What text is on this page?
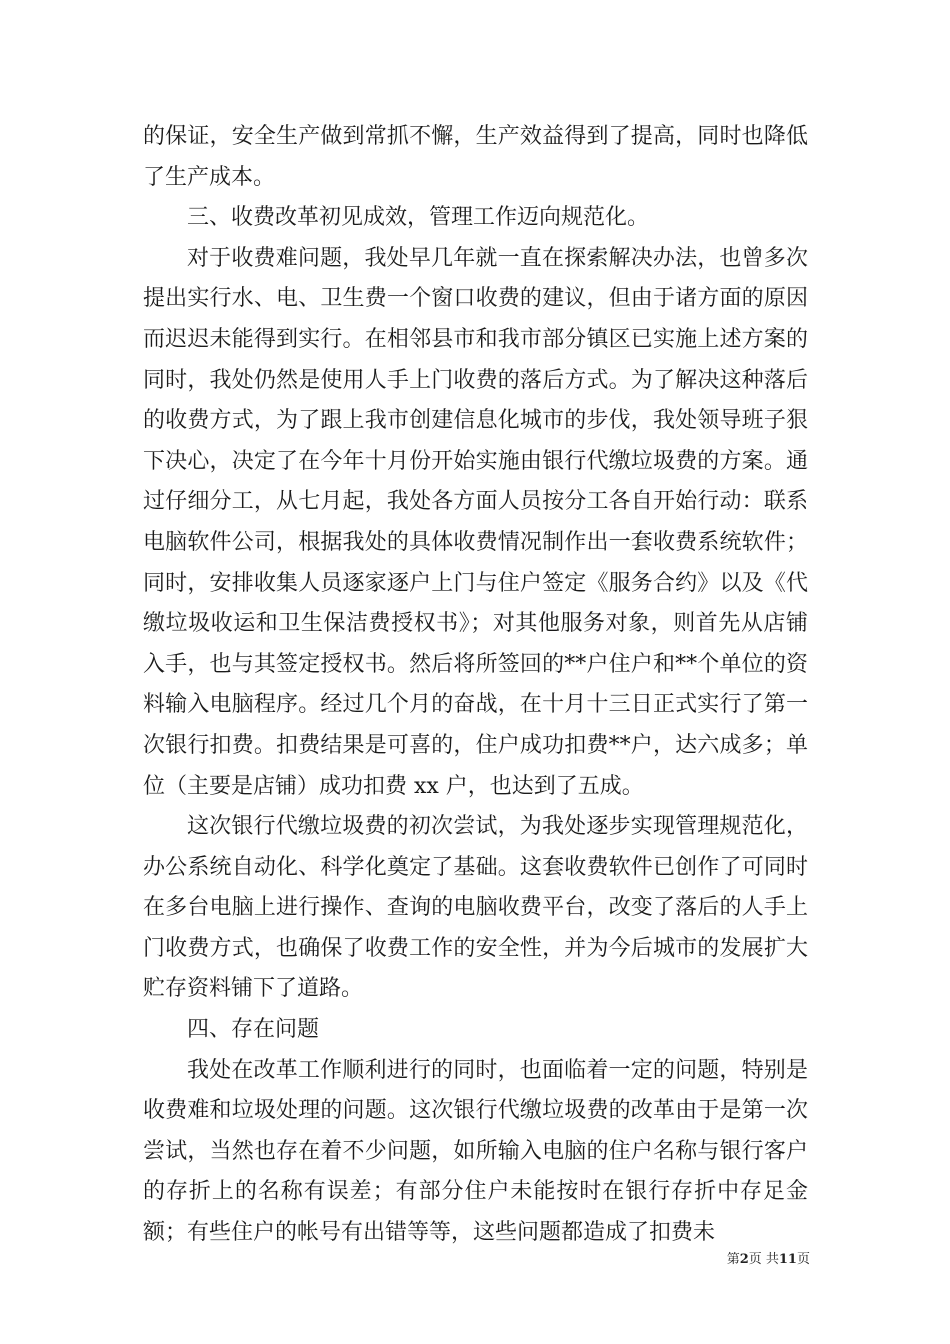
的保证，安全生产做到常抓不懈，生产效益得到了提高，同时也降低了生产成本。

三、收费改革初见成效，管理工作迈向规范化。

对于收费难问题，我处早几年就一直在探索解决办法，也曾多次提出实行水、电、卫生费一个窗口收费的建议，但由于诸方面的原因而迟迟未能得到实行。在相邻县市和我市部分镇区已实施上述方案的同时，我处仍然是使用人手上门收费的落后方式。为了解决这种落后的收费方式，为了跟上我市创建信息化城市的步伐，我处领导班子狠下决心，决定了在今年十月份开始实施由银行代缴垃圾费的方案。通过仔细分工，从七月起，我处各方面人员按分工各自开始行动：联系电脑软件公司，根据我处的具体收费情况制作出一套收费系统软件；同时，安排收集人员逐家逐户上门与住户签定《服务合约》以及《代缴垃圾收运和卫生保洁费授权书》；对其他服务对象，则首先从店铺入手，也与其签定授权书。然后将所签回的**户住户和**个单位的资料输入电脑程序。经过几个月的奋战，在十月十三日正式实行了第一次银行扣费。扣费结果是可喜的，住户成功扣费**户，达六成多；单位（主要是店铺）成功扣费 xx 户，也达到了五成。

这次银行代缴垃圾费的初次尝试，为我处逐步实现管理规范化，办公系统自动化、科学化奠定了基础。这套收费软件已创作了可同时在多台电脑上进行操作、查询的电脑收费平台，改变了落后的人手上门收费方式，也确保了收费工作的安全性，并为今后城市的发展扩大贮存资料铺下了道路。

四、存在问题

我处在改革工作顺利进行的同时，也面临着一定的问题，特别是收费难和垃圾处理的问题。这次银行代缴垃圾费的改革由于是第一次尝试，当然也存在着不少问题，如所输入电脑的住户名称与银行客户的存折上的名称有误差；有部分住户未能按时在银行存折中存足金额；有些住户的帐号有出错等等，这些问题都造成了扣费未

第2页 共11页
